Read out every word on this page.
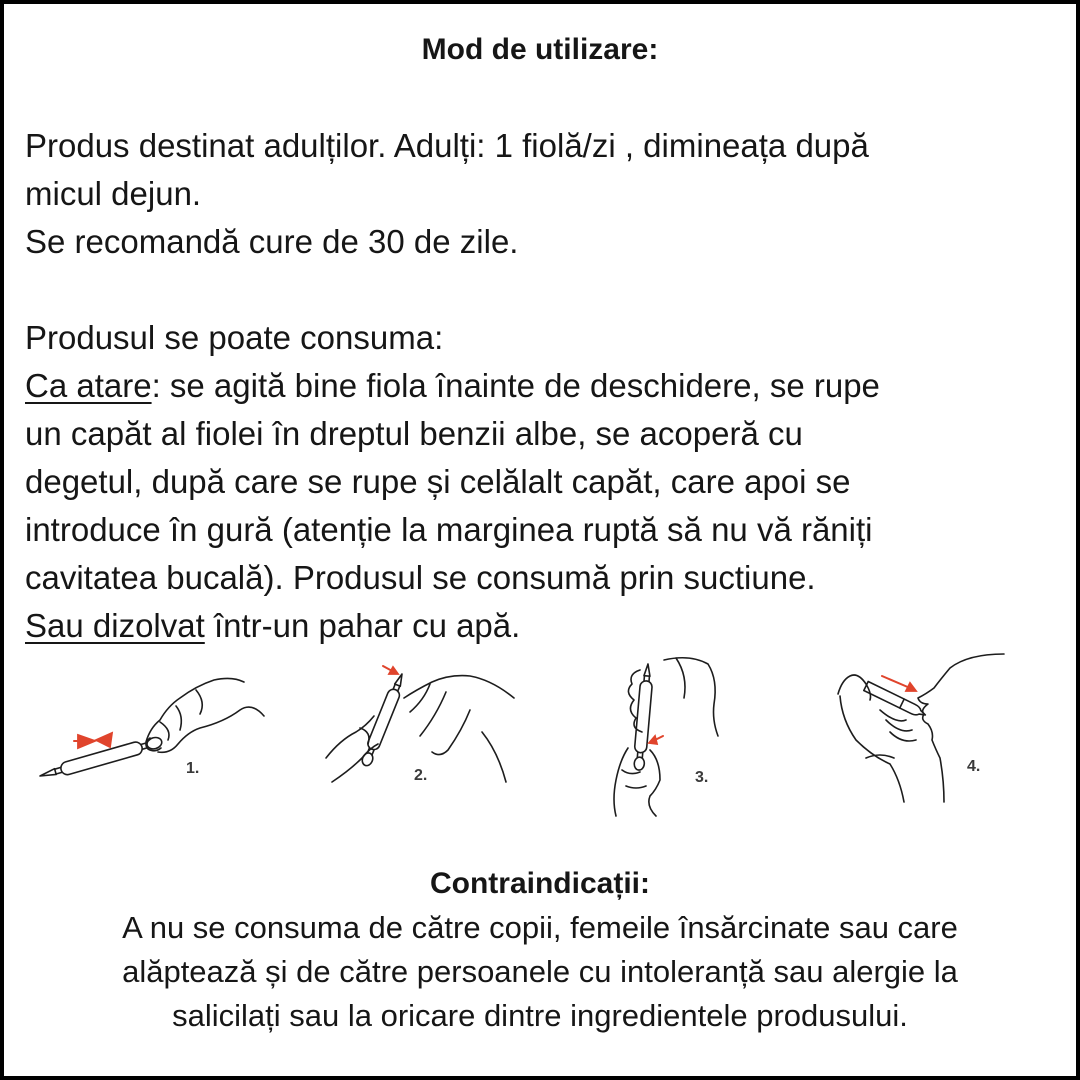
Mod de utilizare:
Produs destinat adulților. Adulți: 1 fiolă/zi , dimineața după
micul dejun.
Se recomandă cure de 30 de zile.
Produsul se poate consuma:
Ca atare: se agită bine fiola înainte de deschidere, se rupe
un capăt al fiolei în dreptul benzii albe, se acoperă cu
degetul, după care se rupe și celălalt capăt, care apoi se
introduce în gură (atenție la marginea ruptă să nu vă răniți
cavitatea bucală). Produsul se consumă prin suctiune.
Sau dizolvat într-un pahar cu apă.
1.	2.	3.
4.
Contraindicații:
A nu se consuma de către copii, femeile însărcinate sau care
alăptează și de către persoanele cu intoleranță sau alergie la
salicilați sau la oricare dintre ingredientele produsului.
